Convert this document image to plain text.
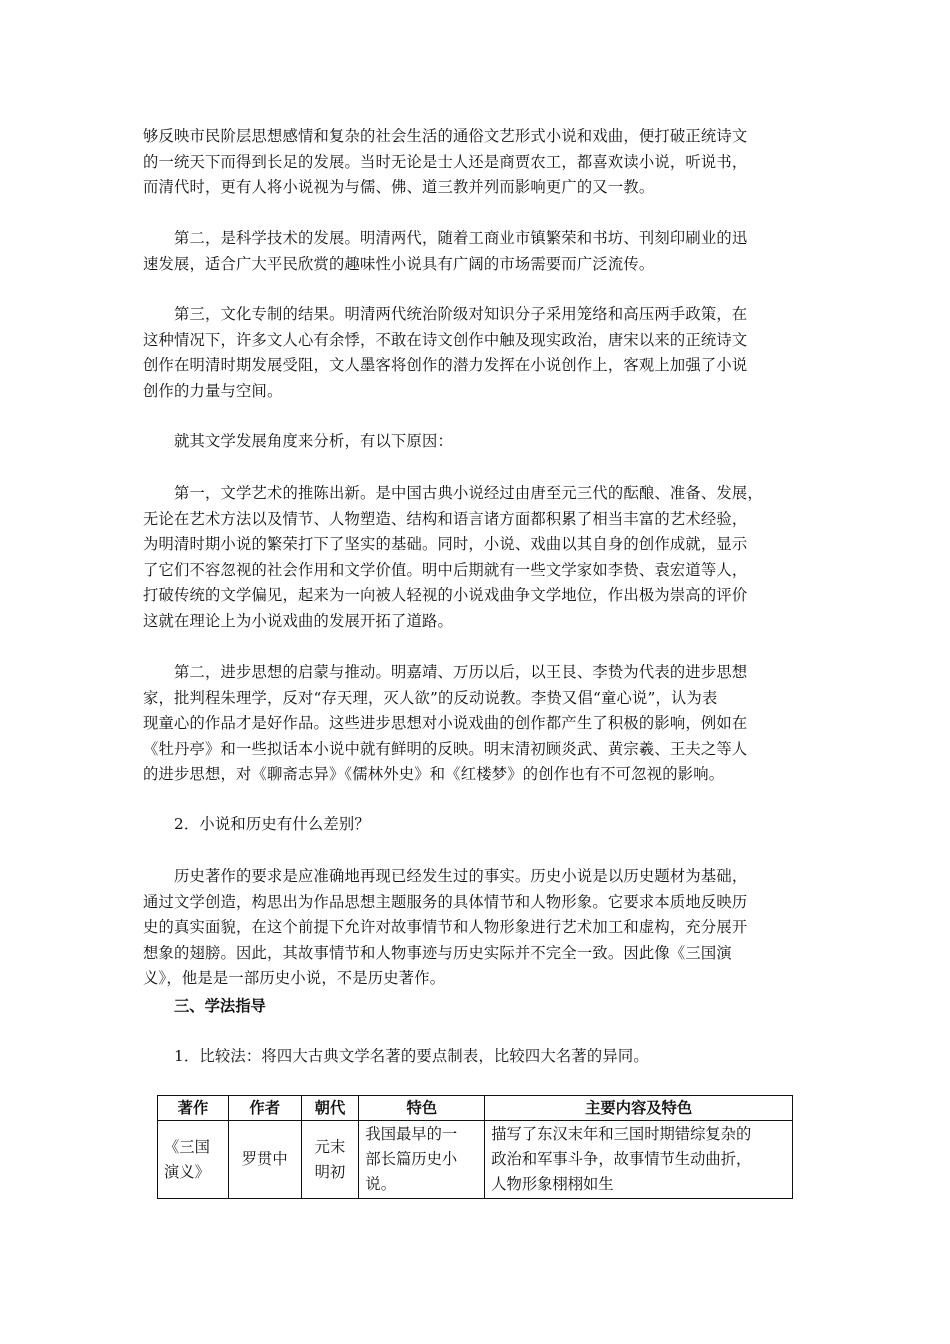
够反映市民阶层思想感情和复杂的社会生活的通俗文艺形式小说和戏曲，便打破正统诗文
的一统天下而得到长足的发展。当时无论是士人还是商贾农工，都喜欢读小说，听说书，
而清代时，更有人将小说视为与儒、佛、道三教并列而影响更广的又一教。

第二，是科学技术的发展。明清两代，随着工商业市镇繁荣和书坊、刊刻印刷业的迅
速发展，适合广大平民欣赏的趣味性小说具有广阔的市场需要而广泛流传。

第三，文化专制的结果。明清两代统治阶级对知识分子采用笼络和高压两手政策，在
这种情况下，许多文人心有余悸，不敢在诗文创作中触及现实政治，唐宋以来的正统诗文
创作在明清时期发展受阻，文人墨客将创作的潜力发挥在小说创作上，客观上加强了小说
创作的力量与空间。

就其文学发展角度来分析，有以下原因：

第一，文学艺术的推陈出新。是中国古典小说经过由唐至元三代的酝酿、准备、发展，
无论在艺术方法以及情节、人物塑造、结构和语言诸方面都积累了相当丰富的艺术经验，
为明清时期小说的繁荣打下了坚实的基础。同时，小说、戏曲以其自身的创作成就，显示
了它们不容忽视的社会作用和文学价值。明中后期就有一些文学家如李贽、袁宏道等人，
打破传统的文学偏见，起来为一向被人轻视的小说戏曲争文学地位，作出极为崇高的评价
这就在理论上为小说戏曲的发展开拓了道路。

第二，进步思想的启蒙与推动。明嘉靖、万历以后，以王艮、李贽为代表的进步思想
家，批判程朱理学，反对“存天理，灭人欲”的反动说教。李贽又倡“童心说”，认为表
现童心的作品才是好作品。这些进步思想对小说戏曲的创作都产生了积极的影响，例如在
《牡丹亭》和一些拟话本小说中就有鲜明的反映。明末清初顾炎武、黄宗羲、王夫之等人
的进步思想，对《聊斋志异》《儒林外史》和《红楼梦》的创作也有不可忽视的影响。

2．小说和历史有什么差别？

历史著作的要求是应准确地再现已经发生过的事实。历史小说是以历史题材为基础，
通过文学创造，构思出为作品思想主题服务的具体情节和人物形象。它要求本质地反映历
史的真实面貌，在这个前提下允许对故事情节和人物形象进行艺术加工和虚构，充分展开
想象的翅膀。因此，其故事情节和人物事迹与历史实际并不完全一致。因此像《三国演
义》，他是是一部历史小说，不是历史著作。

三、学法指导

1．比较法：将四大古典文学名著的要点制表，比较四大名著的异同。

著作	作者	朝代	特色	主要内容及特色

《三国
演义》	罗贯中	元末
明初	我国最早的一
部长篇历史小
说。	描写了东汉末年和三国时期错综复杂的
政治和军事斗争，故事情节生动曲折，
人物形象栩栩如生
